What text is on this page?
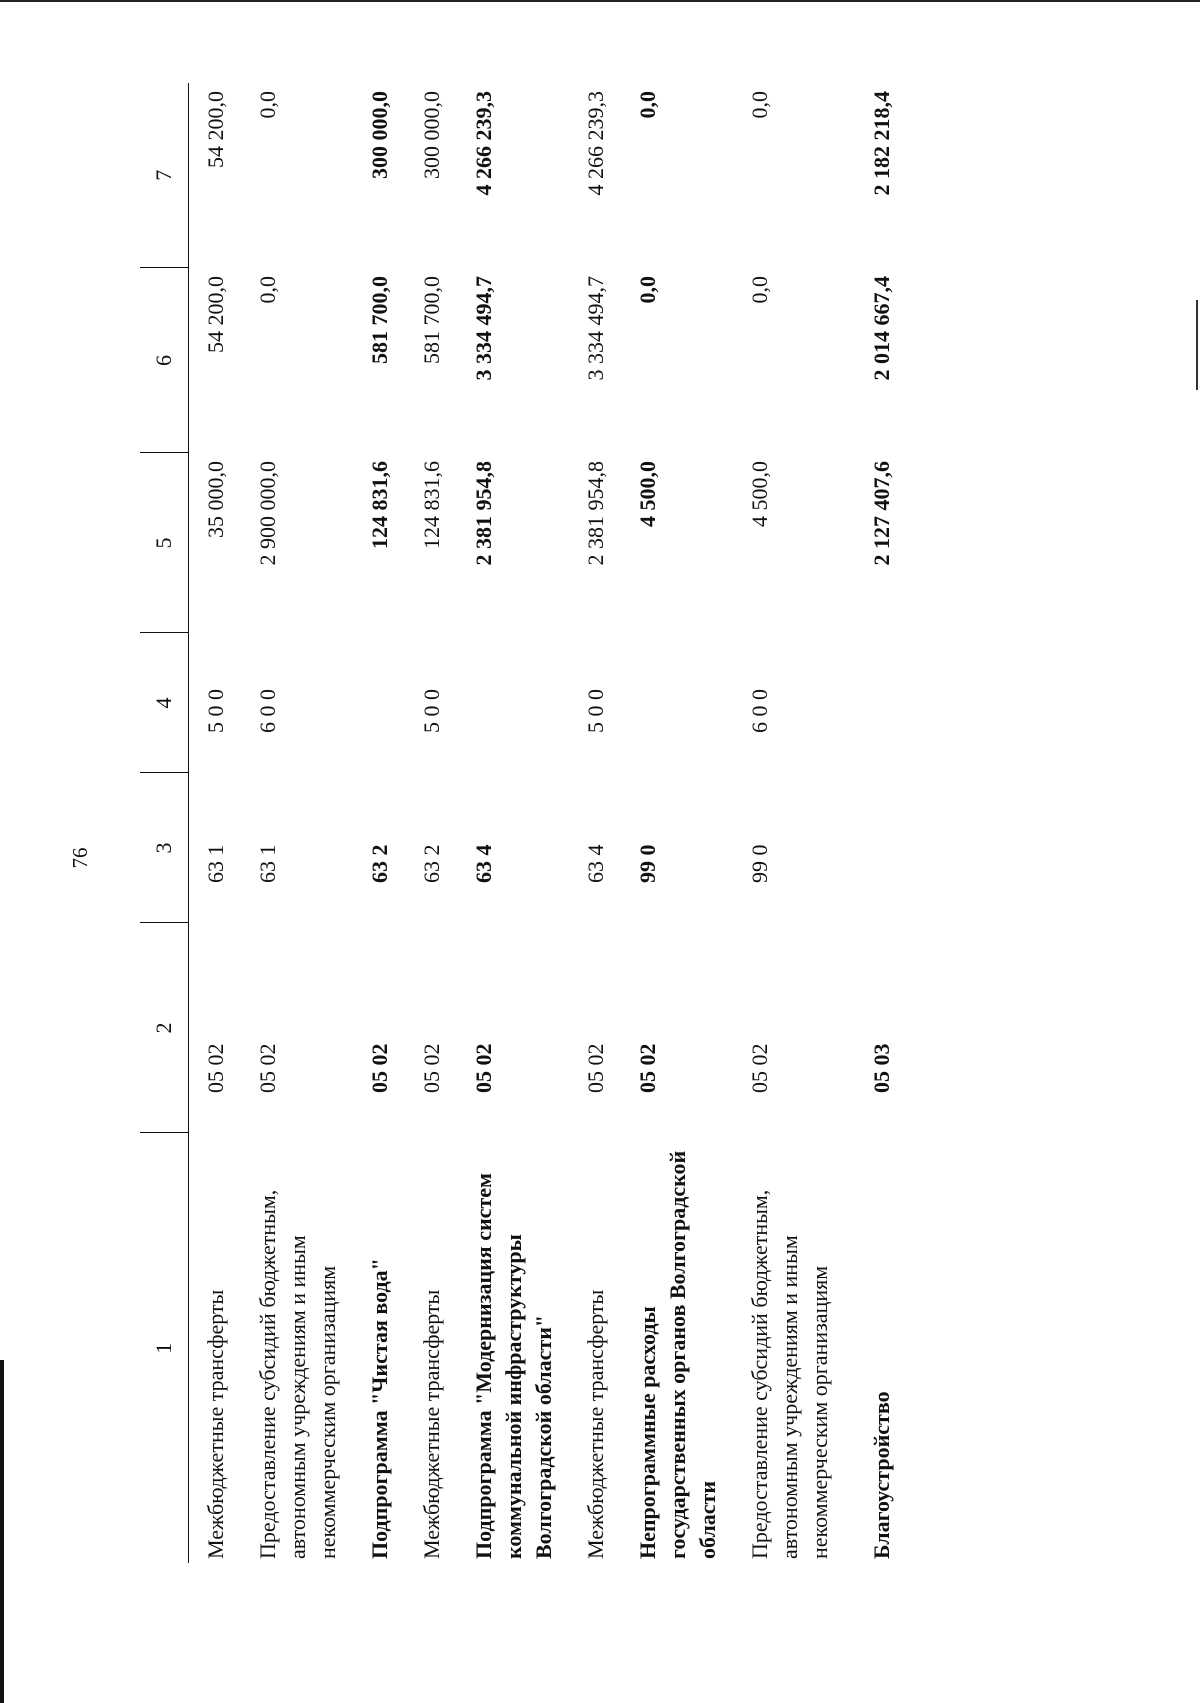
76
1	2	3	4	5	6	7
Межбюджетные трансферты	05 02	63 1	5 0 0	35 000,0	54 200,0	54 200,0
Предоставление субсидий бюджетным, автономным учреждениям и иным некоммерческим организациям	05 02	63 1	6 0 0	2 900 000,0	0,0	0,0
Подпрограмма "Чистая вода"	05 02	63 2		124 831,6	581 700,0	300 000,0
Межбюджетные трансферты	05 02	63 2	5 0 0	124 831,6	581 700,0	300 000,0
Подпрограмма "Модернизация систем коммунальной инфраструктуры Волгоградской области"	05 02	63 4		2 381 954,8	3 334 494,7	4 266 239,3
Межбюджетные трансферты	05 02	63 4	5 0 0	2 381 954,8	3 334 494,7	4 266 239,3
Непрограммные расходы государственных органов Волгоградской области	05 02	99 0		4 500,0	0,0	0,0
Предоставление субсидий бюджетным, автономным учреждениям и иным некоммерческим организациям	05 02	99 0	6 0 0	4 500,0	0,0	0,0
Благоустройство	05 03			2 127 407,6	2 014 667,4	2 182 218,4
